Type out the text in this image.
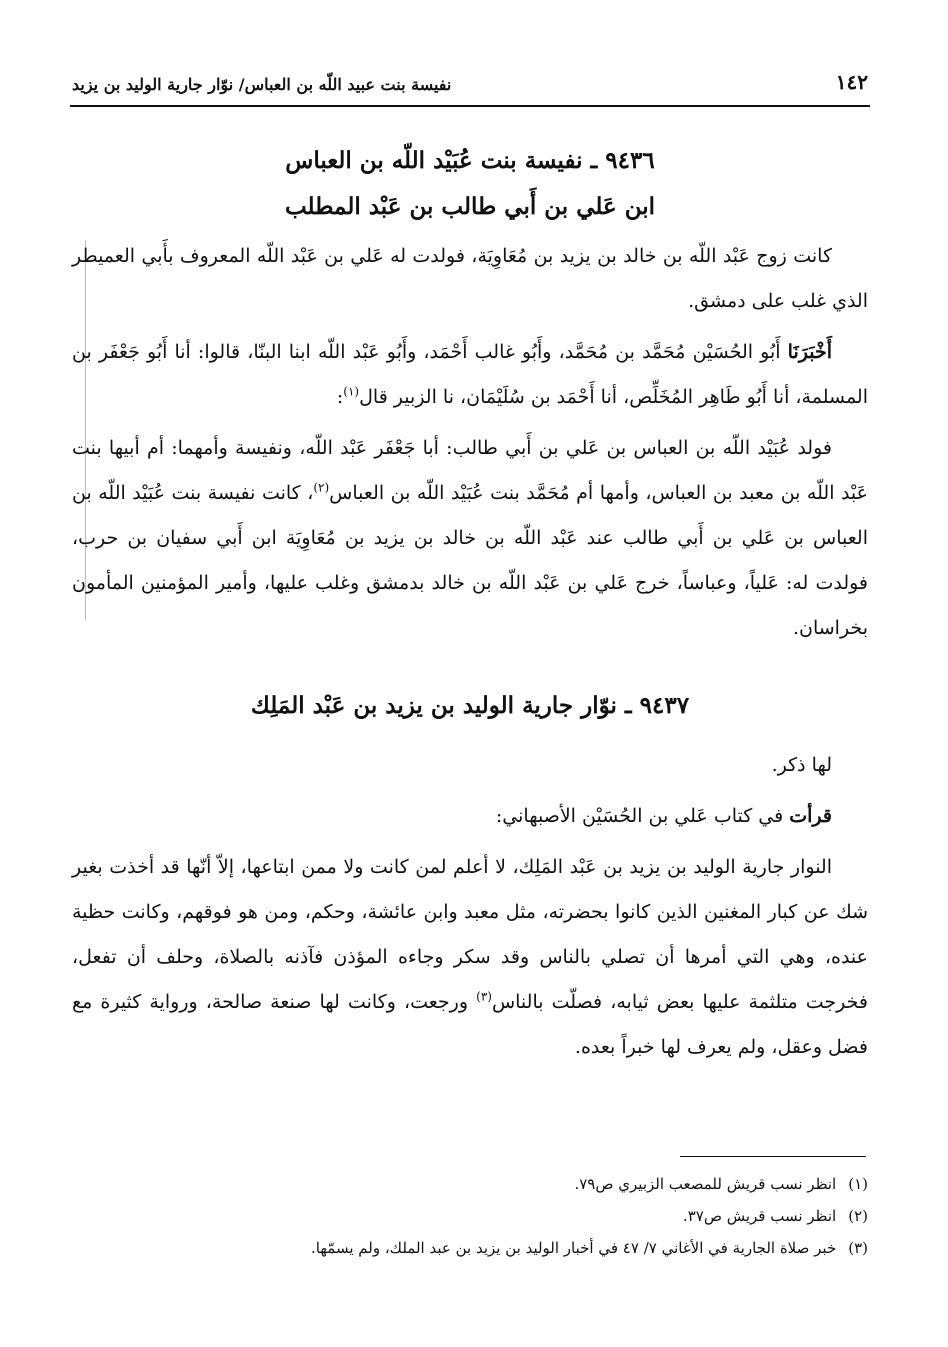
١٤٢
نفيسة بنت عبيد اللّه بن العباس/ نوّار جارية الوليد بن يزيد
٩٤٣٦ ـ نفيسة بنت عُبَيْد اللّه بن العباس
ابن عَلي بن أَبي طالب بن عَبْد المطلب

كانت زوج عَبْد اللّه بن خالد بن يزيد بن مُعَاوِيَة، فولدت له عَلي بن عَبْد اللّه المعروف بأَبي العميطر الذي غلب على دمشق.

أَخْبَرَنَا أَبُو الحُسَيْن مُحَمَّد بن مُحَمَّد، وأَبُو غالب أَحْمَد، وأَبُو عَبْد اللّه ابنا البنّا، قالوا: أنا أَبُو جَعْفَر بن المسلمة، أنا أَبُو طَاهِر المُخَلِّص، أنا أَحْمَد بن سُلَيْمَان، نا الزبير قال$^{(١)}$:

فولد عُبَيْد اللّه بن العباس بن عَلي بن أَبي طالب: أبا جَعْفَر عَبْد اللّه، ونفيسة وأمهما: أم أبيها بنت عَبْد اللّه بن معبد بن العباس، وأمها أم مُحَمَّد بنت عُبَيْد اللّه بن العباس$^{(٢)}$، كانت نفيسة بنت عُبَيْد اللّه بن العباس بن عَلي بن أَبي طالب عند عَبْد اللّه بن خالد بن يزيد بن مُعَاوِيَة ابن أَبي سفيان بن حرب، فولدت له: عَلياً، وعباساً، خرج عَلي بن عَبْد اللّه بن خالد بدمشق وغلب عليها، وأمير المؤمنين المأمون بخراسان.

٩٤٣٧ ـ نوّار جارية الوليد بن يزيد بن عَبْد المَلِك

لها ذكر.

قرأت في كتاب عَلي بن الحُسَيْن الأصبهاني:

النوار جارية الوليد بن يزيد بن عَبْد المَلِك، لا أعلم لمن كانت ولا ممن ابتاعها، إلاّ أنّها قد أخذت بغير شك عن كبار المغنين الذين كانوا بحضرته، مثل معبد وابن عائشة، وحكم، ومن هو فوقهم، وكانت حظية عنده، وهي التي أمرها أن تصلي بالناس وقد سكر وجاءه المؤذن فآذنه بالصلاة، وحلف أن تفعل، فخرجت متلثمة عليها بعض ثيابه، فصلّت بالناس$^{(٣)}$ ورجعت، وكانت لها صنعة صالحة، ورواية كثيرة مع فضل وعقل، ولم يعرف لها خبراً بعده.

(١)
انظر نسب قريش للمصعب الزبيري ص٧٩.

(٢)
انظر نسب قريش ص٣٧.

(٣)
خبر صلاة الجارية في الأغاني ٧/ ٤٧ في أخبار الوليد بن يزيد بن عبد الملك، ولم يسمّها.
